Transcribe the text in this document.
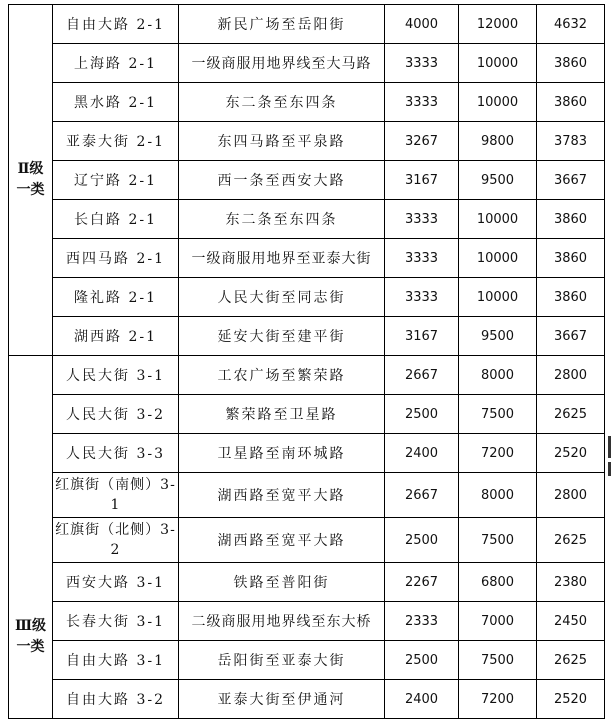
Ⅱ级一类	自由大路 2-1	新民广场至岳阳街	4000	12000	4632
	上海路 2-1	一级商服用地界线至大马路	3333	10000	3860
	黑水路 2-1	东二条至东四条	3333	10000	3860
	亚泰大街 2-1	东四马路至平泉路	3267	9800	3783
	辽宁路 2-1	西一条至西安大路	3167	9500	3667
	长白路 2-1	东二条至东四条	3333	10000	3860
	西四马路 2-1	一级商服用地界至亚泰大街	3333	10000	3860
	隆礼路 2-1	人民大街至同志街	3333	10000	3860
	湖西路 2-1	延安大街至建平街	3167	9500	3667
Ⅲ级一类	人民大街 3-1	工农广场至繁荣路	2667	8000	2800
	人民大街 3-2	繁荣路至卫星路	2500	7500	2625
	人民大街 3-3	卫星路至南环城路	2400	7200	2520
	红旗街（南侧）3-1	湖西路至宽平大路	2667	8000	2800
	红旗街（北侧）3-2	湖西路至宽平大路	2500	7500	2625
	西安大路 3-1	铁路至普阳街	2267	6800	2380
	长春大街 3-1	二级商服用地界线至东大桥	2333	7000	2450
	自由大路 3-1	岳阳街至亚泰大街	2500	7500	2625
	自由大路 3-2	亚泰大街至伊通河	2400	7200	2520
